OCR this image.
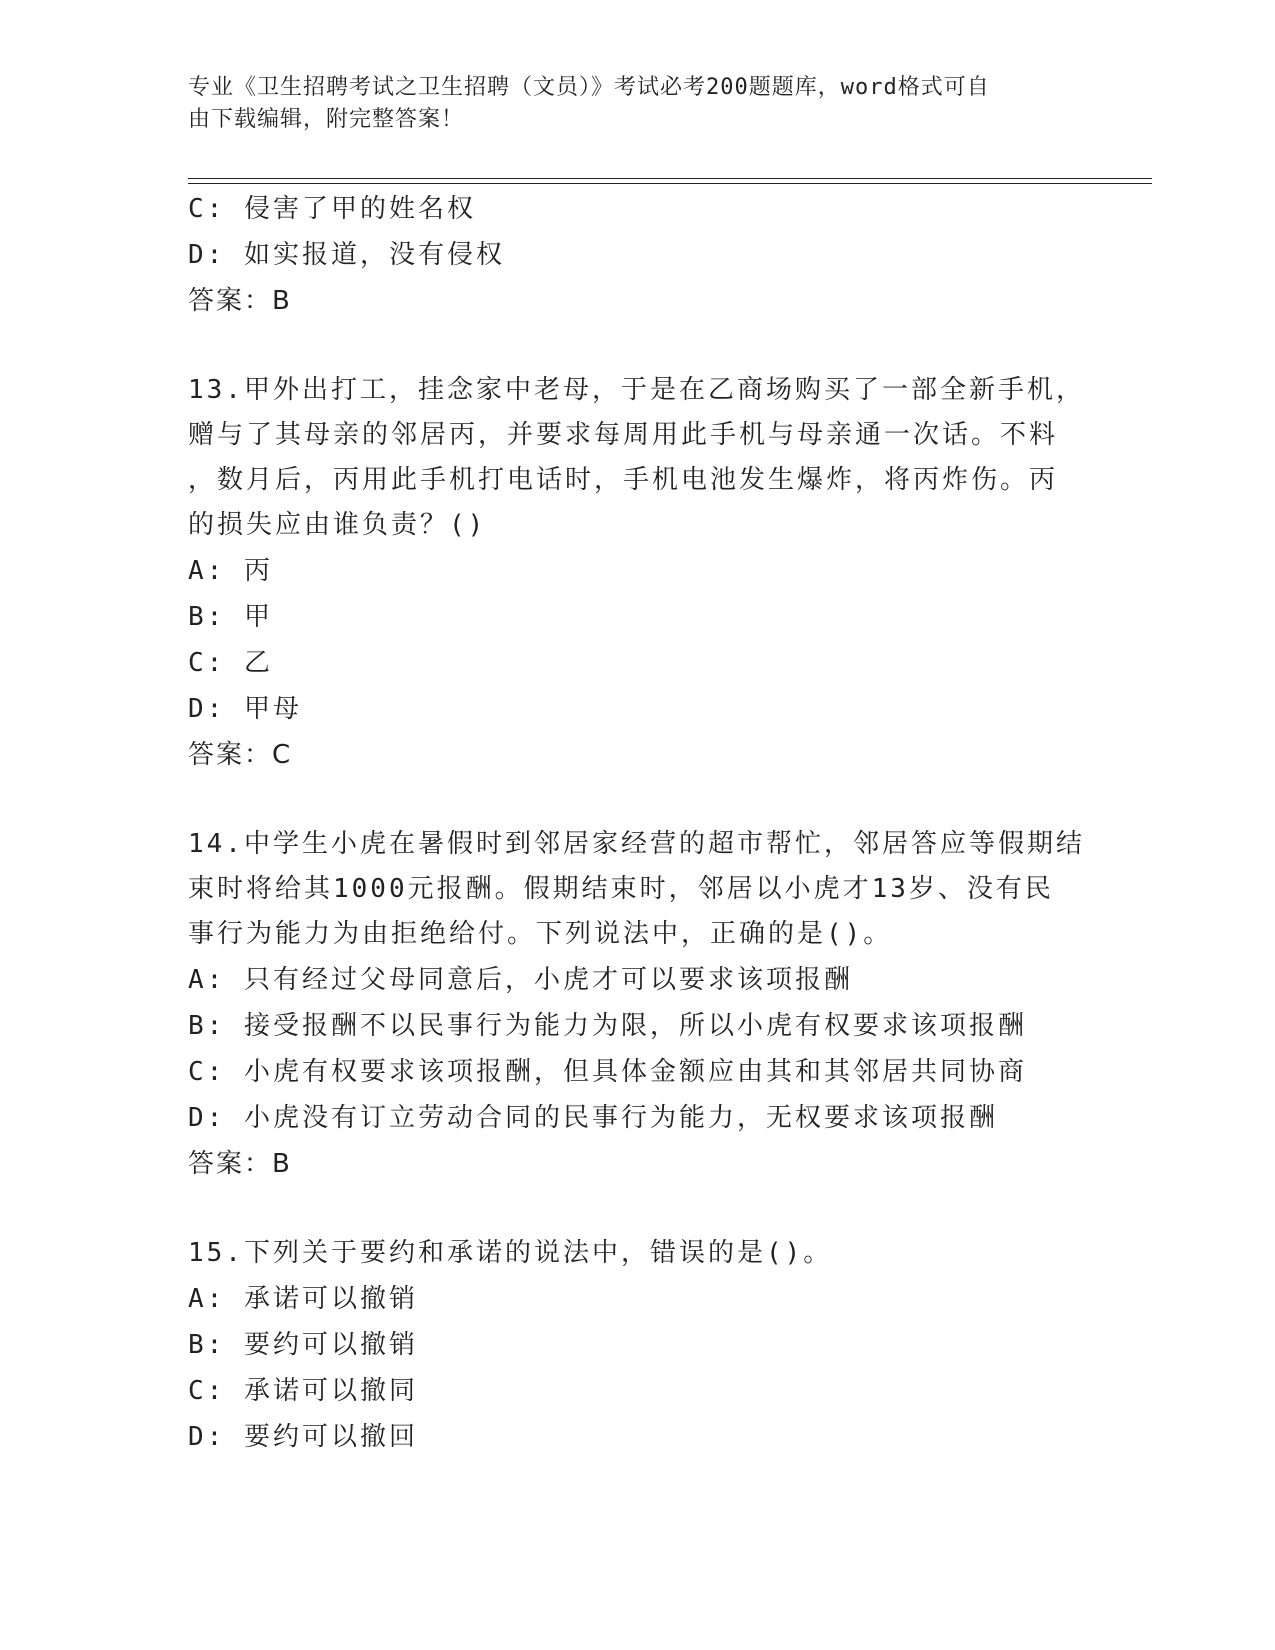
专业《卫生招聘考试之卫生招聘（文员）》考试必考200题题库，word格式可自
由下载编辑，附完整答案！
C: 侵害了甲的姓名权
D: 如实报道，没有侵权
答案：B
13.甲外出打工，挂念家中老母，于是在乙商场购买了一部全新手机，
赠与了其母亲的邻居丙，并要求每周用此手机与母亲通一次话。不料
，数月后，丙用此手机打电话时，手机电池发生爆炸，将丙炸伤。丙
的损失应由谁负责？()
A: 丙
B: 甲
C: 乙
D: 甲母
答案：C
14.中学生小虎在暑假时到邻居家经营的超市帮忙，邻居答应等假期结
束时将给其1000元报酬。假期结束时，邻居以小虎才13岁、没有民
事行为能力为由拒绝给付。下列说法中，正确的是()。
A: 只有经过父母同意后，小虎才可以要求该项报酬
B: 接受报酬不以民事行为能力为限，所以小虎有权要求该项报酬
C: 小虎有权要求该项报酬，但具体金额应由其和其邻居共同协商
D: 小虎没有订立劳动合同的民事行为能力，无权要求该项报酬
答案：B
15.下列关于要约和承诺的说法中，错误的是()。
A: 承诺可以撤销
B: 要约可以撤销
C: 承诺可以撤同
D: 要约可以撤回
